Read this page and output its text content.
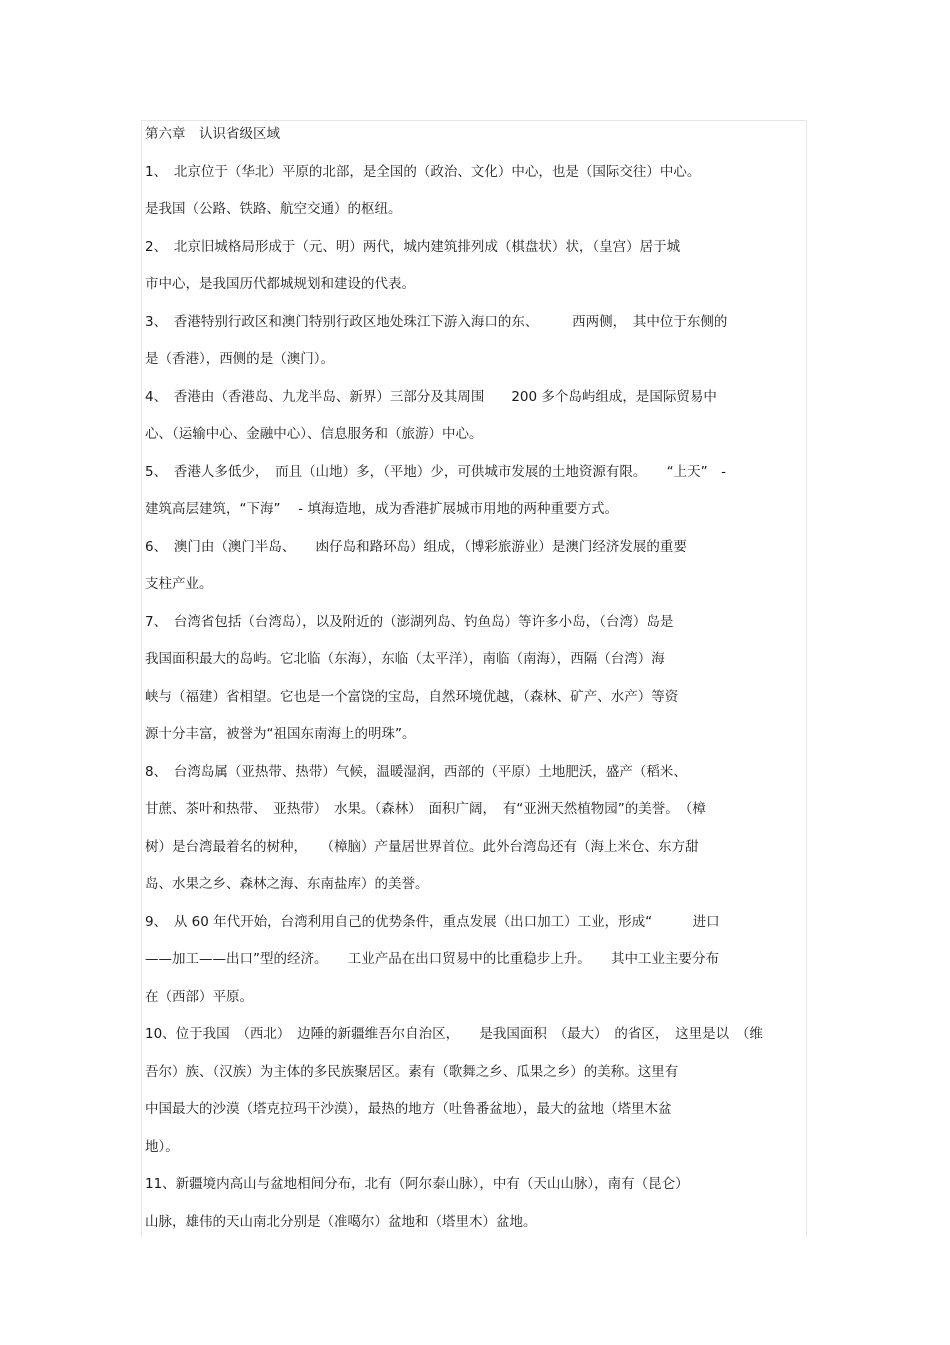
第六章　认识省级区域
1、　北京位于（华北）平原的北部，是全国的（政治、文化）中心，也是（国际交往）中心。
是我国（公路、铁路、航空交通）的枢纽。
2、　北京旧城格局形成于（元、明）两代，城内建筑排列成（棋盘状）状，（皇宫）居于城
市中心，是我国历代都城规划和建设的代表。
3、　香港特别行政区和澳门特别行政区地处珠江下游入海口的东、　　　西两侧，　其中位于东侧的
是（香港），西侧的是（澳门）。
4、　香港由（香港岛、九龙半岛、新界）三部分及其周围　　200 多个岛屿组成，是国际贸易中
心、（运输中心、金融中心）、信息服务和（旅游）中心。
5、　香港人多低少，　而且（山地）多，（平地）少，可供城市发展的土地资源有限。　　“上天”　-
建筑高层建筑，“下海”　 - 填海造地，成为香港扩展城市用地的两种重要方式。
6、　澳门由（澳门半岛、　　凼仔岛和路环岛）组成，（博彩旅游业）是澳门经济发展的重要
支柱产业。
7、　台湾省包括（台湾岛），以及附近的（澎湖列岛、钓鱼岛）等许多小岛，（台湾）岛是
我国面积最大的岛屿。它北临（东海），东临（太平洋），南临（南海），西隔（台湾）海
峡与（福建）省相望。它也是一个富饶的宝岛，自然环境优越，（森林、矿产、水产）等资
源十分丰富，被誉为“祖国东南海上的明珠”。
8、　台湾岛属（亚热带、热带）气候，温暖湿润，西部的（平原）土地肥沃，盛产（稻米、
甘蔗、茶叶和热带、　亚热带）　水果。（森林）　面积广阔，　有“亚洲天然植物园”的美誉。　（樟
树）是台湾最着名的树种，　　（樟脑）产量居世界首位。此外台湾岛还有（海上米仓、东方甜
岛、水果之乡、森林之海、东南盐库）的美誉。
9、　从 60 年代开始，台湾利用自己的优势条件，重点发展（出口加工）工业，形成“　　　进口
——加工——出口”型的经济。　　工业产品在出口贸易中的比重稳步上升。　　其中工业主要分布
在（西部）平原。
10、位于我国　（西北）　边陲的新疆维吾尔自治区，　　是我国面积　（最大）　的省区，　这里是以　（维
吾尔）族、（汉族）为主体的多民族聚居区。素有（歌舞之乡、瓜果之乡）的美称。这里有
中国最大的沙漠（塔克拉玛干沙漠），最热的地方（吐鲁番盆地），最大的盆地（塔里木盆
地）。
11、新疆境内高山与盆地相间分布，北有（阿尔泰山脉），中有（天山山脉），南有（昆仑）
山脉，雄伟的天山南北分别是（准噶尔）盆地和（塔里木）盆地。
